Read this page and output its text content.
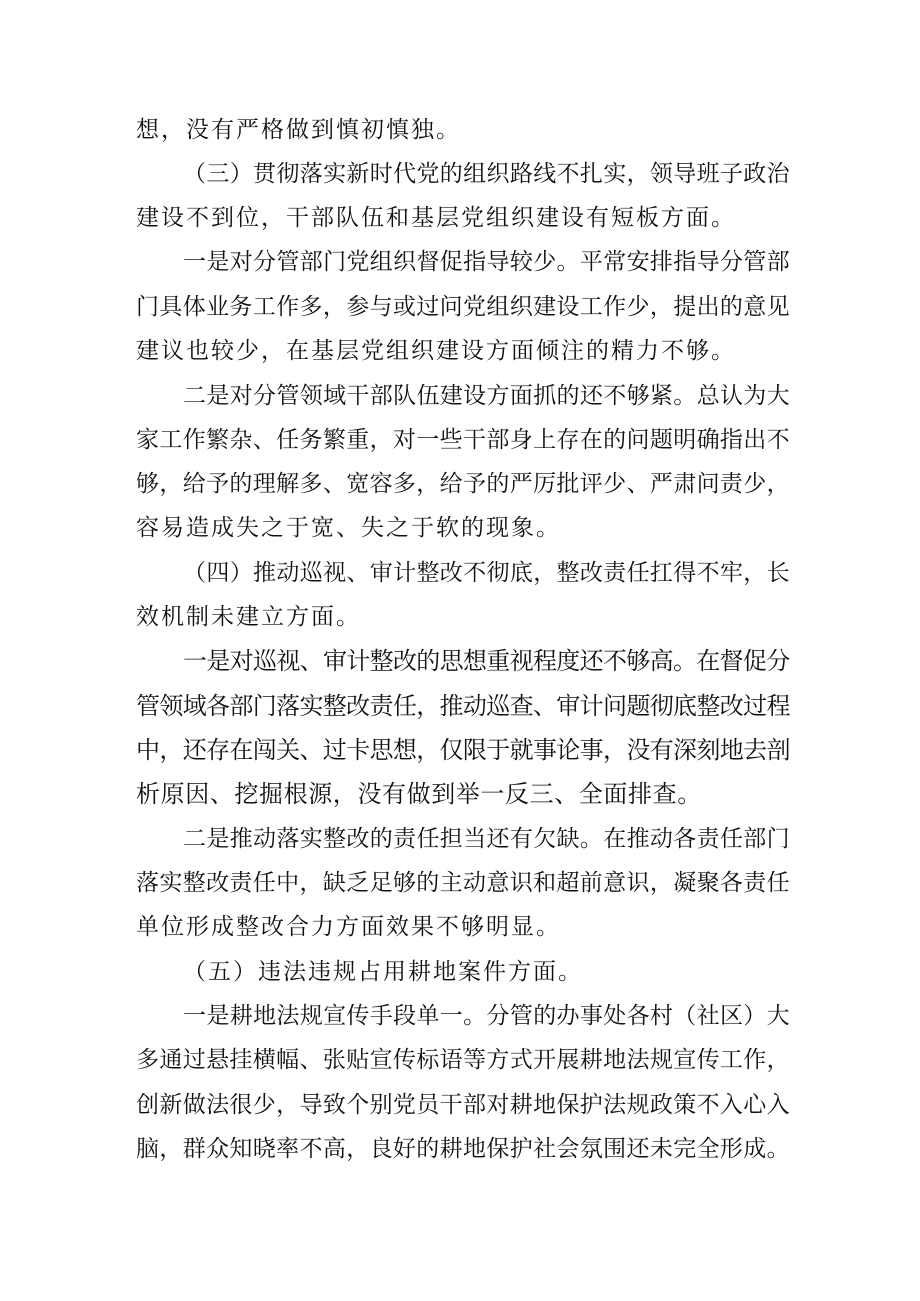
想，没有严格做到慎初慎独。
（三）贯彻落实新时代党的组织路线不扎实，领导班子政治
建设不到位，干部队伍和基层党组织建设有短板方面。
一是对分管部门党组织督促指导较少。平常安排指导分管部
门具体业务工作多，参与或过问党组织建设工作少，提出的意见
建议也较少，在基层党组织建设方面倾注的精力不够。
二是对分管领域干部队伍建设方面抓的还不够紧。总认为大
家工作繁杂、任务繁重，对一些干部身上存在的问题明确指出不
够，给予的理解多、宽容多，给予的严厉批评少、严肃问责少，
容易造成失之于宽、失之于软的现象。
（四）推动巡视、审计整改不彻底，整改责任扛得不牢，长
效机制未建立方面。
一是对巡视、审计整改的思想重视程度还不够高。在督促分
管领域各部门落实整改责任，推动巡查、审计问题彻底整改过程
中，还存在闯关、过卡思想，仅限于就事论事，没有深刻地去剖
析原因、挖掘根源，没有做到举一反三、全面排查。
二是推动落实整改的责任担当还有欠缺。在推动各责任部门
落实整改责任中，缺乏足够的主动意识和超前意识，凝聚各责任
单位形成整改合力方面效果不够明显。
（五）违法违规占用耕地案件方面。
一是耕地法规宣传手段单一。分管的办事处各村（社区）大
多通过悬挂横幅、张贴宣传标语等方式开展耕地法规宣传工作，
创新做法很少，导致个别党员干部对耕地保护法规政策不入心入
脑，群众知晓率不高，良好的耕地保护社会氛围还未完全形成。
